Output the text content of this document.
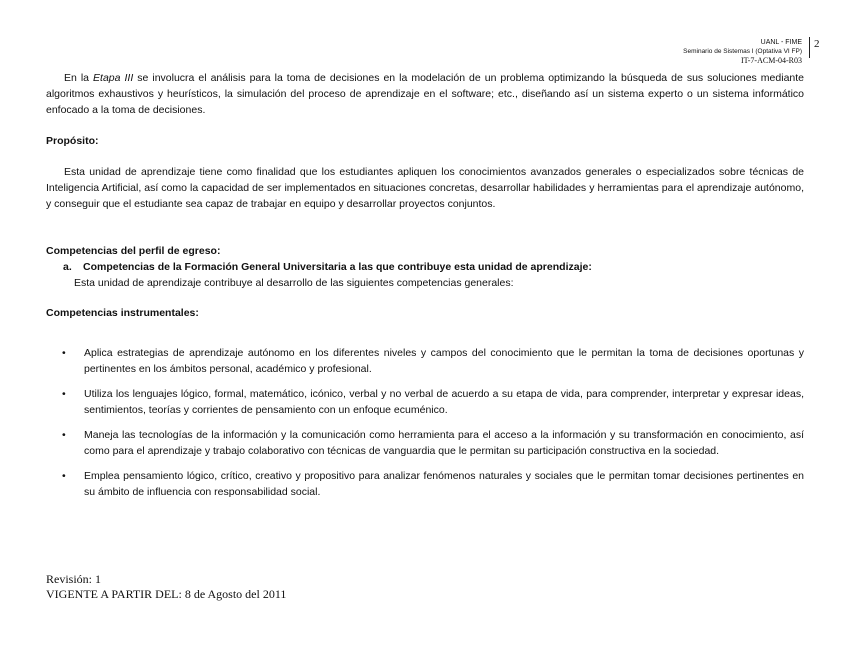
UANL - FIME
Seminario de Sistemas I (Optativa VI FP)
IT-7-ACM-04-R03
2

En la Etapa III se involucra el análisis para la toma de decisiones en la modelación de un problema optimizando la búsqueda de sus soluciones mediante algoritmos exhaustivos y heurísticos, la simulación del proceso de aprendizaje en el software; etc., diseñando así un sistema experto o un sistema informático enfocado a la toma de decisiones.

Propósito:

Esta unidad de aprendizaje tiene como finalidad que los estudiantes apliquen los conocimientos avanzados generales o especializados sobre técnicas de Inteligencia Artificial, así como la capacidad de ser implementados en situaciones concretas, desarrollar habilidades y herramientas para el aprendizaje autónomo, y conseguir que el estudiante sea capaz de trabajar en equipo y desarrollar proyectos conjuntos.

Competencias del perfil de egreso:

a. Competencias de la Formación General Universitaria a las que contribuye esta unidad de aprendizaje:
Esta unidad de aprendizaje contribuye al desarrollo de las siguientes competencias generales:

Competencias instrumentales:

• Aplica estrategias de aprendizaje autónomo en los diferentes niveles y campos del conocimiento que le permitan la toma de decisiones oportunas y pertinentes en los ámbitos personal, académico y profesional.
• Utiliza los lenguajes lógico, formal, matemático, icónico, verbal y no verbal de acuerdo a su etapa de vida, para comprender, interpretar y expresar ideas, sentimientos, teorías y corrientes de pensamiento con un enfoque ecuménico.
• Maneja las tecnologías de la información y la comunicación como herramienta para el acceso a la información y su transformación en conocimiento, así como para el aprendizaje y trabajo colaborativo con técnicas de vanguardia que le permitan su participación constructiva en la sociedad.
• Emplea pensamiento lógico, crítico, creativo y propositivo para analizar fenómenos naturales y sociales que le permitan tomar decisiones pertinentes en su ámbito de influencia con responsabilidad social.
Revisión: 1
VIGENTE A PARTIR DEL: 8 de Agosto del 2011
